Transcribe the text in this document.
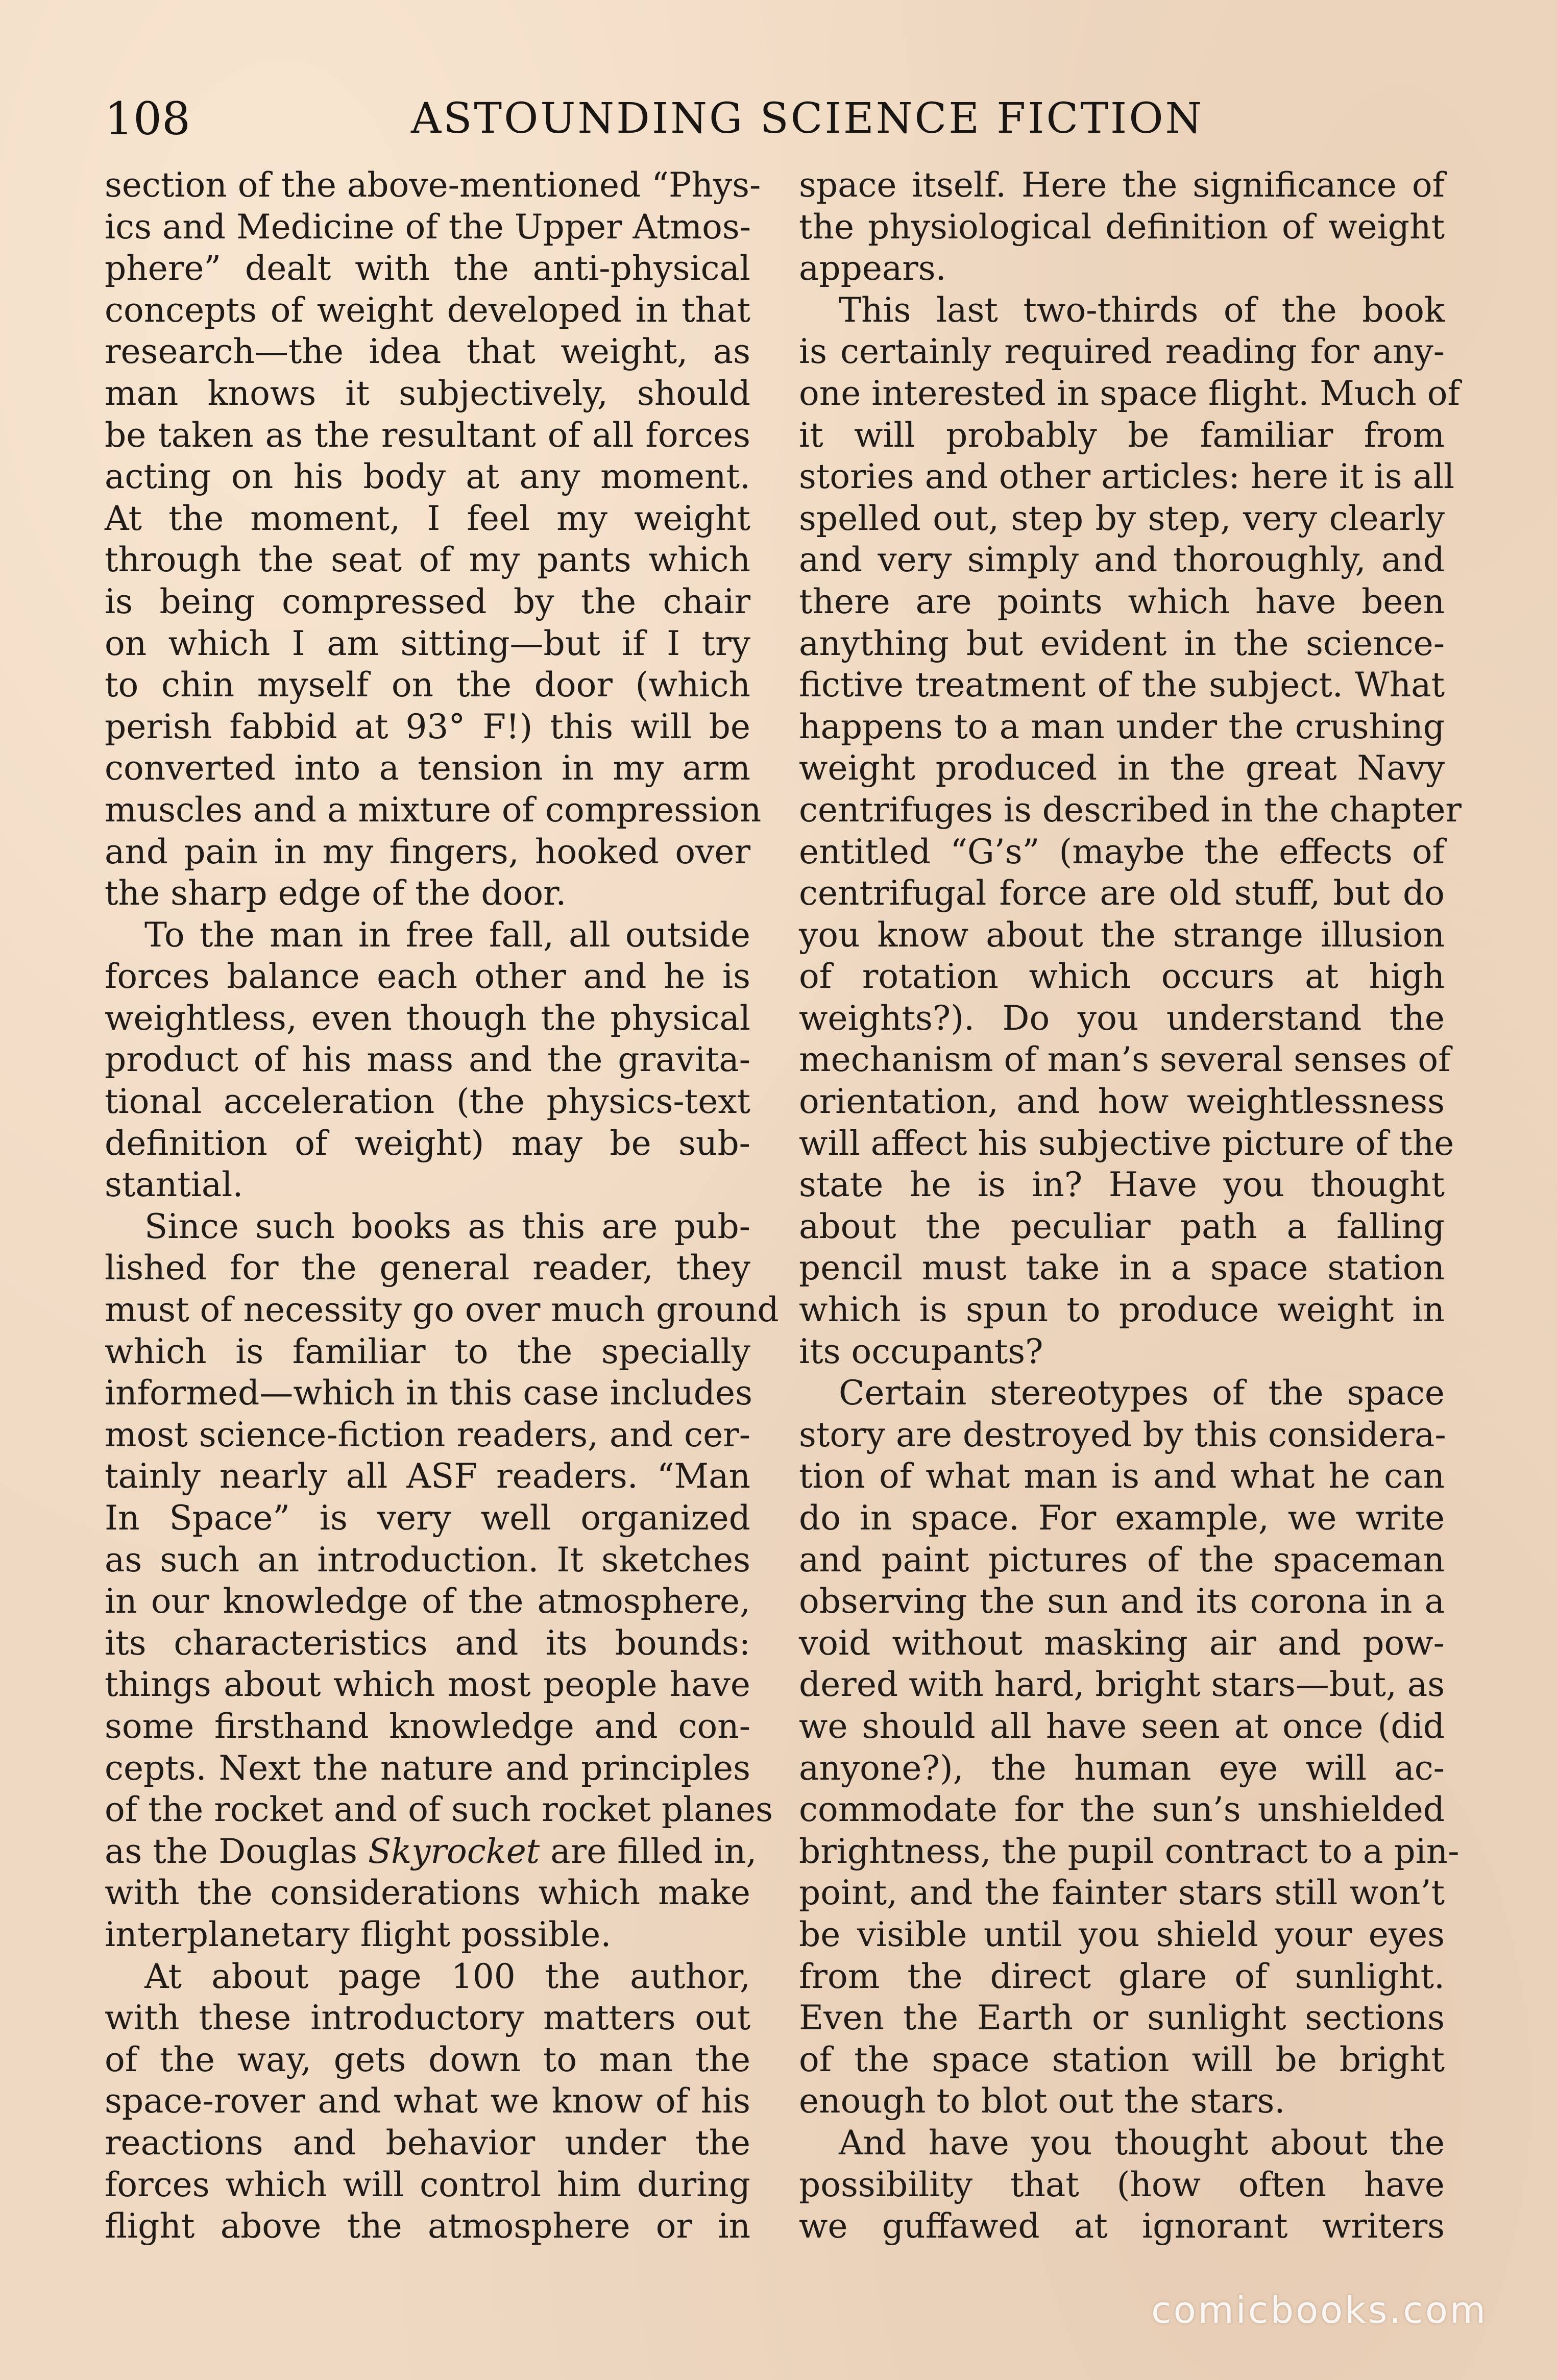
108	ASTOUNDING SCIENCE FICTION
section of the above-mentioned “Phys-
ics and Medicine of the Upper Atmos-
phere” dealt with the anti-physical
concepts of weight developed in that
research—the idea that weight, as
man knows it subjectively, should
be taken as the resultant of all forces
acting on his body at any moment.
At the moment, I feel my weight
through the seat of my pants which
is being compressed by the chair
on which I am sitting—but if I try
to chin myself on the door (which
perish fabbid at 93° F!) this will be
converted into a tension in my arm
muscles and a mixture of compression
and pain in my fingers, hooked over
the sharp edge of the door.
To the man in free fall, all outside
forces balance each other and he is
weightless, even though the physical
product of his mass and the gravita-
tional acceleration (the physics-text
definition of weight) may be sub-
stantial.
Since such books as this are pub-
lished for the general reader, they
must of necessity go over much ground
which is familiar to the specially
informed—which in this case includes
most science-fiction readers, and cer-
tainly nearly all ASF readers. “Man
In Space” is very well organized
as such an introduction. It sketches
in our knowledge of the atmosphere,
its characteristics and its bounds:
things about which most people have
some firsthand knowledge and con-
cepts. Next the nature and principles
of the rocket and of such rocket planes
as the Douglas Skyrocket are filled in,
with the considerations which make
interplanetary flight possible.
At about page 100 the author,
with these introductory matters out
of the way, gets down to man the
space-rover and what we know of his
reactions and behavior under the
forces which will control him during
flight above the atmosphere or in
space itself. Here the significance of
the physiological definition of weight
appears.
This last two-thirds of the book
is certainly required reading for any-
one interested in space flight. Much of
it will probably be familiar from
stories and other articles: here it is all
spelled out, step by step, very clearly
and very simply and thoroughly, and
there are points which have been
anything but evident in the science-
fictive treatment of the subject. What
happens to a man under the crushing
weight produced in the great Navy
centrifuges is described in the chapter
entitled “G’s” (maybe the effects of
centrifugal force are old stuff, but do
you know about the strange illusion
of rotation which occurs at high
weights?). Do you understand the
mechanism of man’s several senses of
orientation, and how weightlessness
will affect his subjective picture of the
state he is in? Have you thought
about the peculiar path a falling
pencil must take in a space station
which is spun to produce weight in
its occupants?
Certain stereotypes of the space
story are destroyed by this considera-
tion of what man is and what he can
do in space. For example, we write
and paint pictures of the spaceman
observing the sun and its corona in a
void without masking air and pow-
dered with hard, bright stars—but, as
we should all have seen at once (did
anyone?), the human eye will ac-
commodate for the sun’s unshielded
brightness, the pupil contract to a pin-
point, and the fainter stars still won’t
be visible until you shield your eyes
from the direct glare of sunlight.
Even the Earth or sunlight sections
of the space station will be bright
enough to blot out the stars.
And have you thought about the
possibility that (how often have
we guffawed at ignorant writers
comicbooks.com
